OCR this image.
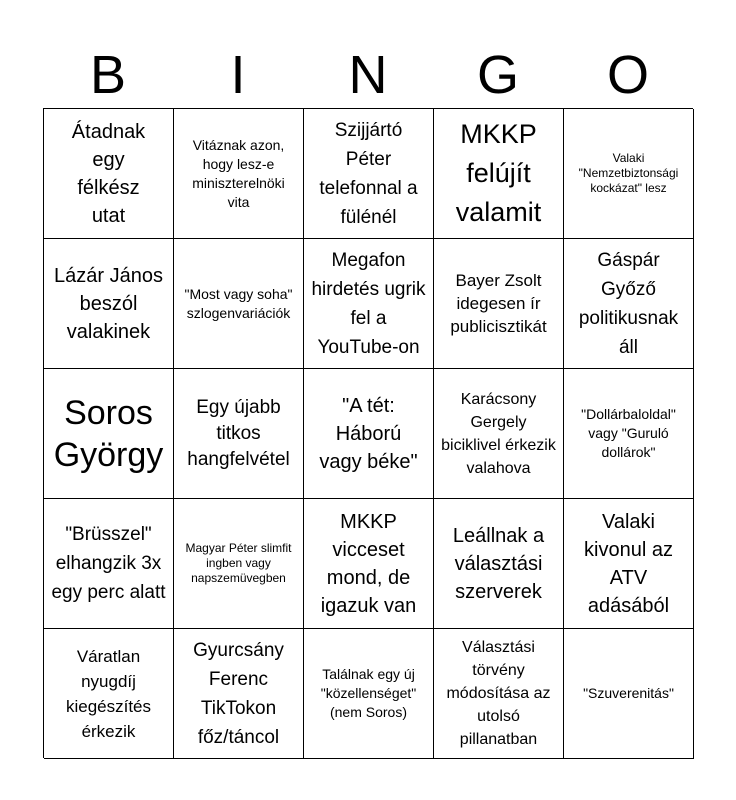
B	I	N	G	O
Átadnak egy félkész utat
Vitáznak azon, hogy lesz-e miniszterelnöki vita
Szijjártó Péter telefonnal a fülénél
MKKP felújít valamit
Valaki "Nemzetbiztonsági kockázat" lesz
Lázár János beszól valakinek
"Most vagy soha" szlogenvariációk
Megafon hirdetés ugrik fel a YouTube-on
Bayer Zsolt idegesen ír publicisztikát
Gáspár Győző politikusnak áll
Soros György
Egy újabb titkos hangfelvétel
"A tét: Háború vagy béke"
Karácsony Gergely biciklivel érkezik valahova
"Dollárbaloldal" vagy "Guruló dollárok"
"Brüsszel" elhangzik 3x egy perc alatt
Magyar Péter slimfit ingben vagy napszemüvegben
MKKP vicceset mond, de igazuk van
Leállnak a választási szerverek
Valaki kivonul az ATV adásából
Váratlan nyugdíj kiegészítés érkezik
Gyurcsány Ferenc TikTokon főz/táncol
Találnak egy új "közellenséget" (nem Soros)
Választási törvény módosítása az utolsó pillanatban
"Szuverenitás"
